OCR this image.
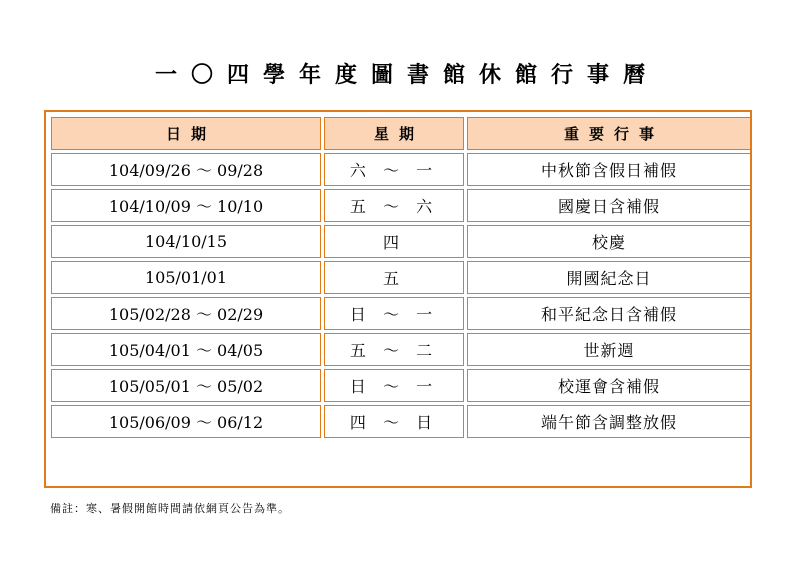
一〇四學年度圖書館休館行事曆
日期	星期	重要行事
104/09/26 ～ 09/28	六 ～ 一	中秋節含假日補假
104/10/09 ～ 10/10	五 ～ 六	國慶日含補假
104/10/15	四	校慶
105/01/01	五	開國紀念日
105/02/28 ～ 02/29	日 ～ 一	和平紀念日含補假
105/04/01 ～ 04/05	五 ～ 二	世新週
105/05/01 ～ 05/02	日 ～ 一	校運會含補假
105/06/09 ～ 06/12	四 ～ 日	端午節含調整放假
備註：寒、暑假開館時間請依網頁公告為準。
